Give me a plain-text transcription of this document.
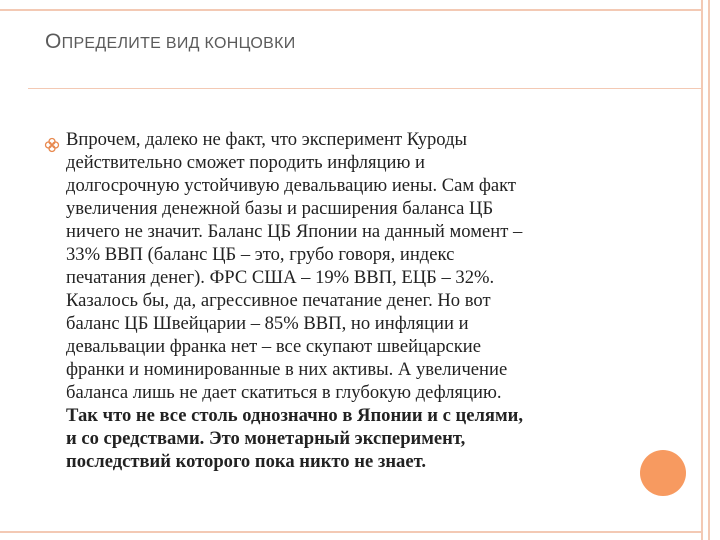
ОПРЕДЕЛИТЕ ВИД КОНЦОВКИ
Впрочем, далеко не факт, что эксперимент Куроды
действительно сможет породить инфляцию и
долгосрочную устойчивую девальвацию иены. Сам факт
увеличения денежной базы и расширения баланса ЦБ
ничего не значит. Баланс ЦБ Японии на данный момент –
33% ВВП (баланс ЦБ – это, грубо говоря, индекс
печатания денег). ФРС США – 19% ВВП, ЕЦБ – 32%.
Казалось бы, да, агрессивное печатание денег. Но вот
баланс ЦБ Швейцарии – 85% ВВП, но инфляции и
девальвации франка нет – все скупают швейцарские
франки и номинированные в них активы. А увеличение
баланса лишь не дает скатиться в глубокую дефляцию.
Так что не все столь однозначно в Японии и с целями,
и со средствами. Это монетарный эксперимент,
последствий которого пока никто не знает.
